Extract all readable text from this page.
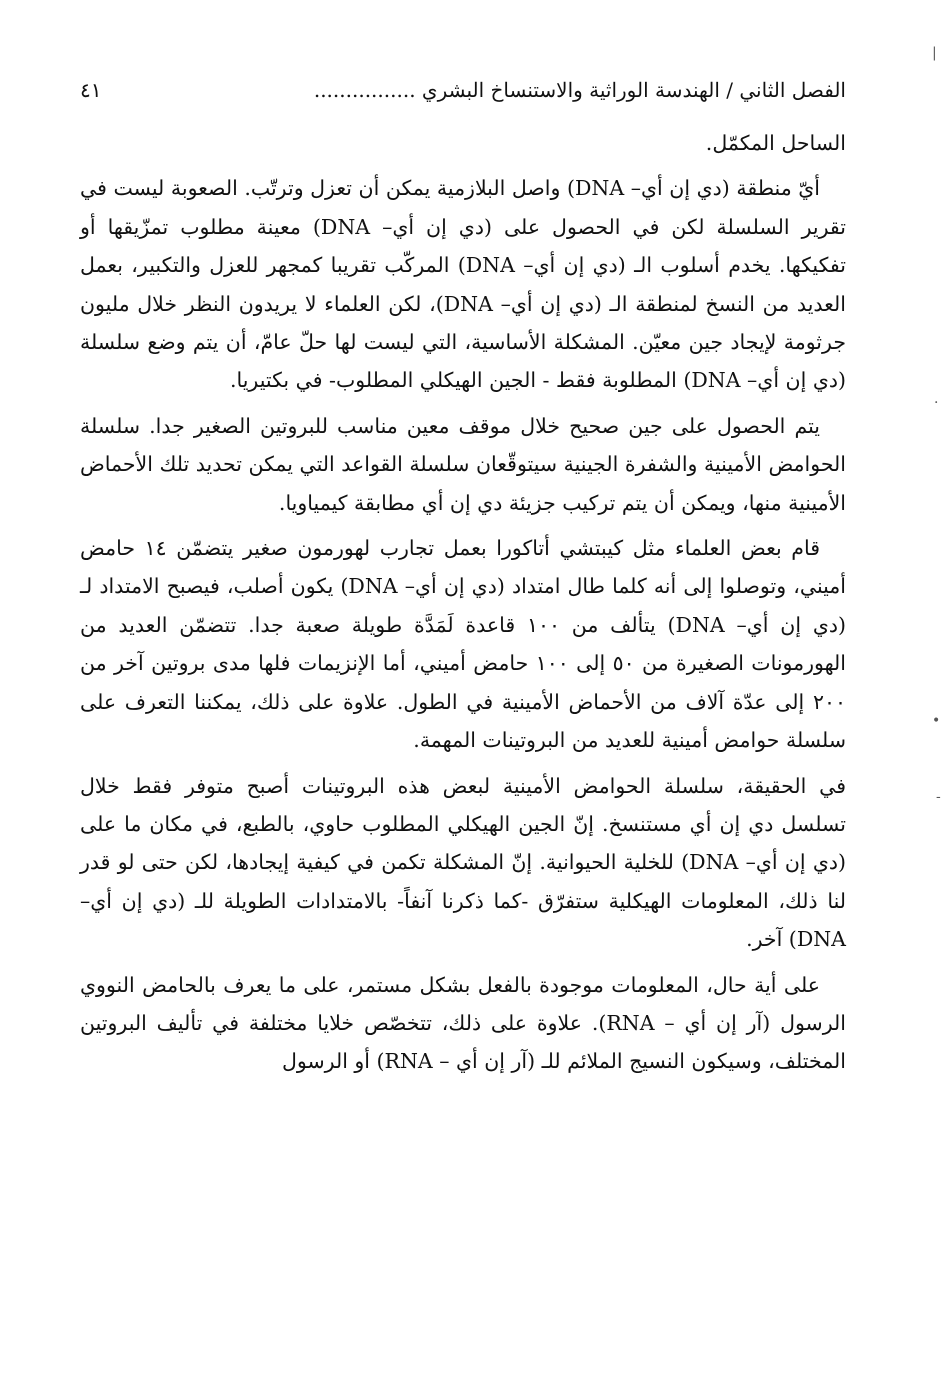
الفصل الثاني / الهندسة الوراثية والاستنساخ البشري ................
٤١

الساحل المكمّل.

أيّ منطقة (دي إن أي– DNA) واصل البلازمية يمكن أن تعزل وترتّب. الصعوبة ليست في تقرير السلسلة لكن في الحصول على (دي إن أي– DNA) معينة مطلوب تمزّيقها أو تفكيكها. يخدم أسلوب الـ (دي إن أي– DNA) المركّب تقريبا كمجهر للعزل والتكبير، بعمل العديد من النسخ لمنطقة الـ (دي إن أي– DNA)، لكن العلماء لا يريدون النظر خلال مليون جرثومة لإيجاد جين معيّن. المشكلة الأساسية، التي ليست لها حلّ عامّ، أن يتم وضع سلسلة (دي إن أي– DNA) المطلوبة فقط - الجين الهيكلي المطلوب- في بكتيريا.

يتم الحصول على جين صحيح خلال موقف معين مناسب للبروتين الصغير جدا. سلسلة الحوامض الأمينية والشفرة الجينية سيتوقّعان سلسلة القواعد التي يمكن تحديد تلك الأحماض الأمينية منها، ويمكن أن يتم تركيب جزيئة دي إن أي مطابقة كيمياويا.

قام بعض العلماء مثل كيبتشي أتاكورا بعمل تجارب لهورمون صغير يتضمّن ١٤ حامض أميني، وتوصلوا إلى أنه كلما طال امتداد (دي إن أي– DNA) يكون أصلب، فيصبح الامتداد لـ (دي إن أي– DNA) يتألف من ١٠٠ قاعدة لَمَدَّة طويلة صعبة جدا. تتضمّن العديد من الهورمونات الصغيرة من ٥٠ إلى ١٠٠ حامض أميني، أما الإنزيمات فلها مدى بروتين آخر من ٢٠٠ إلى عدّة آلاف من الأحماض الأمينية في الطول. علاوة على ذلك، يمكننا التعرف على سلسلة حوامض أمينية للعديد من البروتينات المهمة.

في الحقيقة، سلسلة الحوامض الأمينية لبعض هذه البروتينات أصبح متوفر فقط خلال تسلسل دي إن أي مستنسخ. إنّ الجين الهيكلي المطلوب حاوي، بالطبع، في مكان ما على (دي إن أي– DNA) للخلية الحيوانية. إنّ المشكلة تكمن في كيفية إيجادها، لكن حتى لو قدر لنا ذلك، المعلومات الهيكلية ستفرّق -كما ذكرنا آنفاً- بالامتدادات الطويلة للـ (دي إن أي– DNA) آخر.

على أية حال، المعلومات موجودة بالفعل بشكل مستمر، على ما يعرف بالحامض النووي الرسول (آر إن أي – RNA). علاوة على ذلك، تتخصّص خلايا مختلفة في تأليف البروتين المختلف، وسيكون النسيج الملائم للـ (آر إن أي – RNA) أو الرسول

|
·
•
-
